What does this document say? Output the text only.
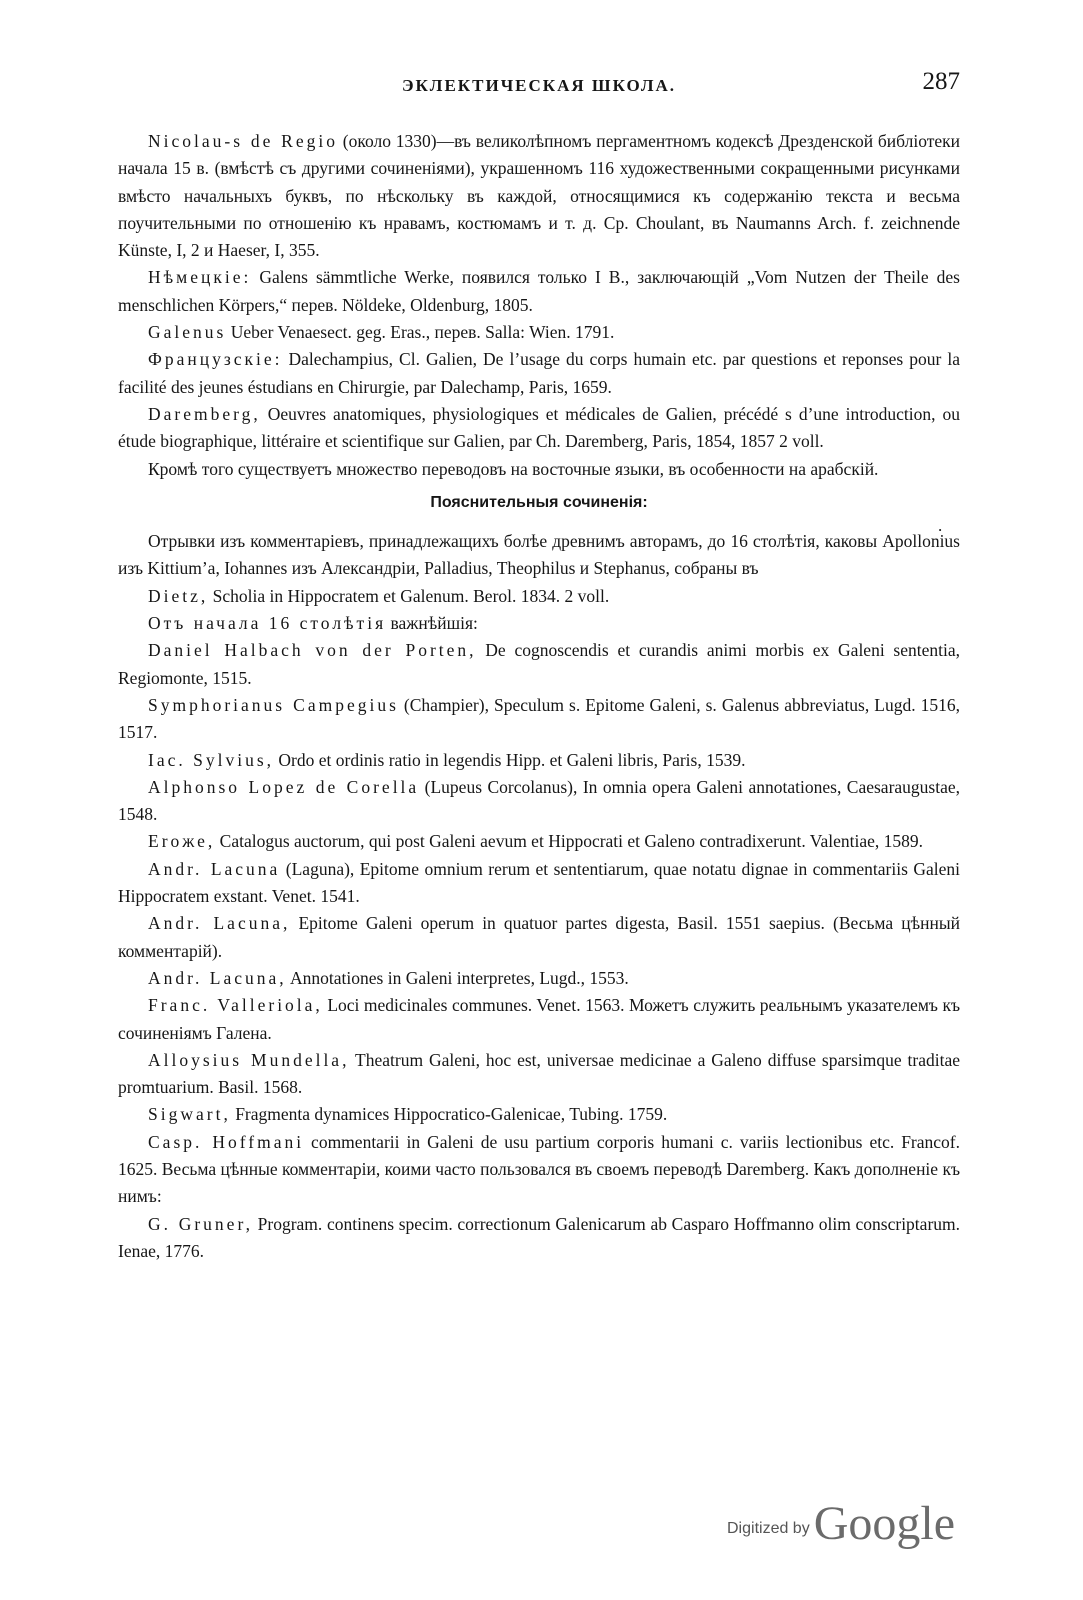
ЭКЛЕКТИЧЕСКАЯ ШКОЛА.	287
Nicolau-s de Regio (около 1330)—въ великолѣпномъ пергаментномъ кодексѣ Дрезденской библіотеки начала 15 в. (вмѣстѣ съ другими сочиненіями), украшенномъ 116 художественными сокращенными рисунками вмѣсто начальныхъ буквъ, по нѣскольку въ каждой, относящимися къ содержанію текста и весьма поучительными по отношенію къ нравамъ, костюмамъ и т. д. Ср. Choulant, въ Naumanns Arch. f. zeichnende Künste, I, 2 и Haeser, I, 355.
Нѣмецкіе: Galens sämmtliche Werke, появился только I В., заключающій „Vom Nutzen der Theile des menschlichen Körpers,“ перев. Nöldeke, Oldenburg, 1805.
Galenus Ueber Venaesect. geg. Eras., перев. Salla: Wien. 1791.
Французскіе: Dalechampius, Cl. Galien, De l’usage du corps humain etc. par questions et reponses pour la facilité des jeunes éstudians en Chirurgie, par Dalechamp, Paris, 1659.
Daremberg, Oeuvres anatomiques, physiologiques et médicales de Galien, précédé s d’une introduction, ou étude biographique, littéraire et scientifique sur Galien, par Ch. Daremberg, Paris, 1854, 1857 2 voll.
Кромѣ того существуетъ множество переводовъ на восточные языки, въ особенности на арабскій.
Пояснительныя сочиненія:
Отрывки изъ комментаріевъ, принадлежащихъ болѣе древнимъ авторамъ, до 16 столѣтія, каковы Apollonius изъ Kittium’a, Iohannes изъ Александріи, Palladius, Theophilus и Stephanus, собраны въ
Dietz, Scholia in Hippocratem et Galenum. Berol. 1834. 2 voll.
Отъ начала 16 столѣтія важнѣйшія:
Daniel Halbach von der Porten, De cognoscendis et curandis animi morbis ex Galeni sententia, Regiomonte, 1515.
Symphorianus Campegius (Champier), Speculum s. Epitome Galeni, s. Galenus abbreviatus, Lugd. 1516, 1517.
Iac. Sylvius, Ordo et ordinis ratio in legendis Hipp. et Galeni libris, Paris, 1539.
Alphonso Lopez de Corella (Lupeus Corcolanus), In omnia opera Galeni annotationes, Caesaraugustae, 1548.
Eroже, Catalogus auctorum, qui post Galeni aevum et Hippocrati et Galeno contradixerunt. Valentiae, 1589.
Andr. Lacuna (Laguna), Epitome omnium rerum et sententiarum, quae notatu dignae in commentariis Galeni Hippocratem exstant. Venet. 1541.
Andr. Lacuna, Epitome Galeni operum in quatuor partes digesta, Basil. 1551 saepius. (Весьма цѣнный комментарій).
Andr. Lacuna, Annotationes in Galeni interpretes, Lugd., 1553.
Franc. Valleriola, Loci medicinales communes. Venet. 1563. Можетъ служить реальнымъ указателемъ къ сочиненіямъ Галена.
Alloysius Mundella, Theatrum Galeni, hoc est, universae medicinae a Galeno diffuse sparsimque traditae promtuarium. Basil. 1568.
Sigwart, Fragmenta dynamices Hippocratico-Galenicae, Tubing. 1759.
Casp. Hoffmani commentarii in Galeni de usu partium corporis humani c. variis lectionibus etc. Francof. 1625. Весьма цѣнные комментаріи, коими часто пользовался въ своемъ переводѣ Daremberg. Какъ дополненіе къ нимъ:
G. Gruner, Program. continens specim. correctionum Galenicarum ab Casparo Hoffmanno olim conscriptarum. Ienae, 1776.
.
Digitized by Google
